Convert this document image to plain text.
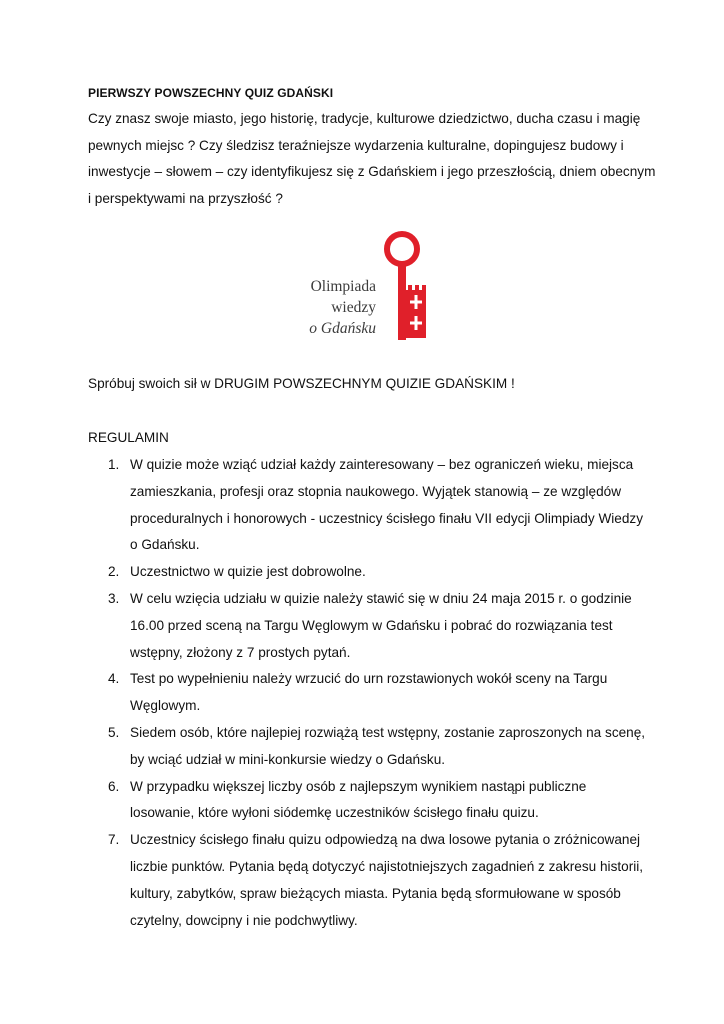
PIERWSZY POWSZECHNY QUIZ GDAŃSKI
Czy znasz swoje miasto, jego historię, tradycje, kulturowe dziedzictwo, ducha czasu i magię
pewnych miejsc ? Czy śledzisz teraźniejsze wydarzenia kulturalne, dopingujesz budowy i
inwestycje – słowem – czy identyfikujesz się z Gdańskiem i jego przeszłością, dniem obecnym
i perspektywami na przyszłość ?
Olimpiada
wiedzy
o Gdańsku
Spróbuj swoich sił w DRUGIM POWSZECHNYM QUIZIE GDAŃSKIM !
REGULAMIN
1. W quizie może wziąć udział każdy zainteresowany – bez ograniczeń wieku, miejsca
zamieszkania, profesji oraz stopnia naukowego. Wyjątek stanowią – ze względów
proceduralnych i honorowych - uczestnicy ścisłego finału VII edycji Olimpiady Wiedzy
o Gdańsku.
2. Uczestnictwo w quizie jest dobrowolne.
3. W celu wzięcia udziału w quizie należy stawić się w dniu 24 maja 2015 r. o godzinie
16.00 przed sceną na Targu Węglowym w Gdańsku i pobrać do rozwiązania test
wstępny, złożony z 7 prostych pytań.
4. Test po wypełnieniu należy wrzucić do urn rozstawionych wokół sceny na Targu
Węglowym.
5. Siedem osób, które najlepiej rozwiążą test wstępny, zostanie zaproszonych na scenę,
by wciąć udział w mini-konkursie wiedzy o Gdańsku.
6. W przypadku większej liczby osób z najlepszym wynikiem nastąpi publiczne
losowanie, które wyłoni siódemkę uczestników ścisłego finału quizu.
7. Uczestnicy ścisłego finału quizu odpowiedzą na dwa losowe pytania o zróżnicowanej
liczbie punktów. Pytania będą dotyczyć najistotniejszych zagadnień z zakresu historii,
kultury, zabytków, spraw bieżących miasta. Pytania będą sformułowane w sposób
czytelny, dowcipny i nie podchwytliwy.
